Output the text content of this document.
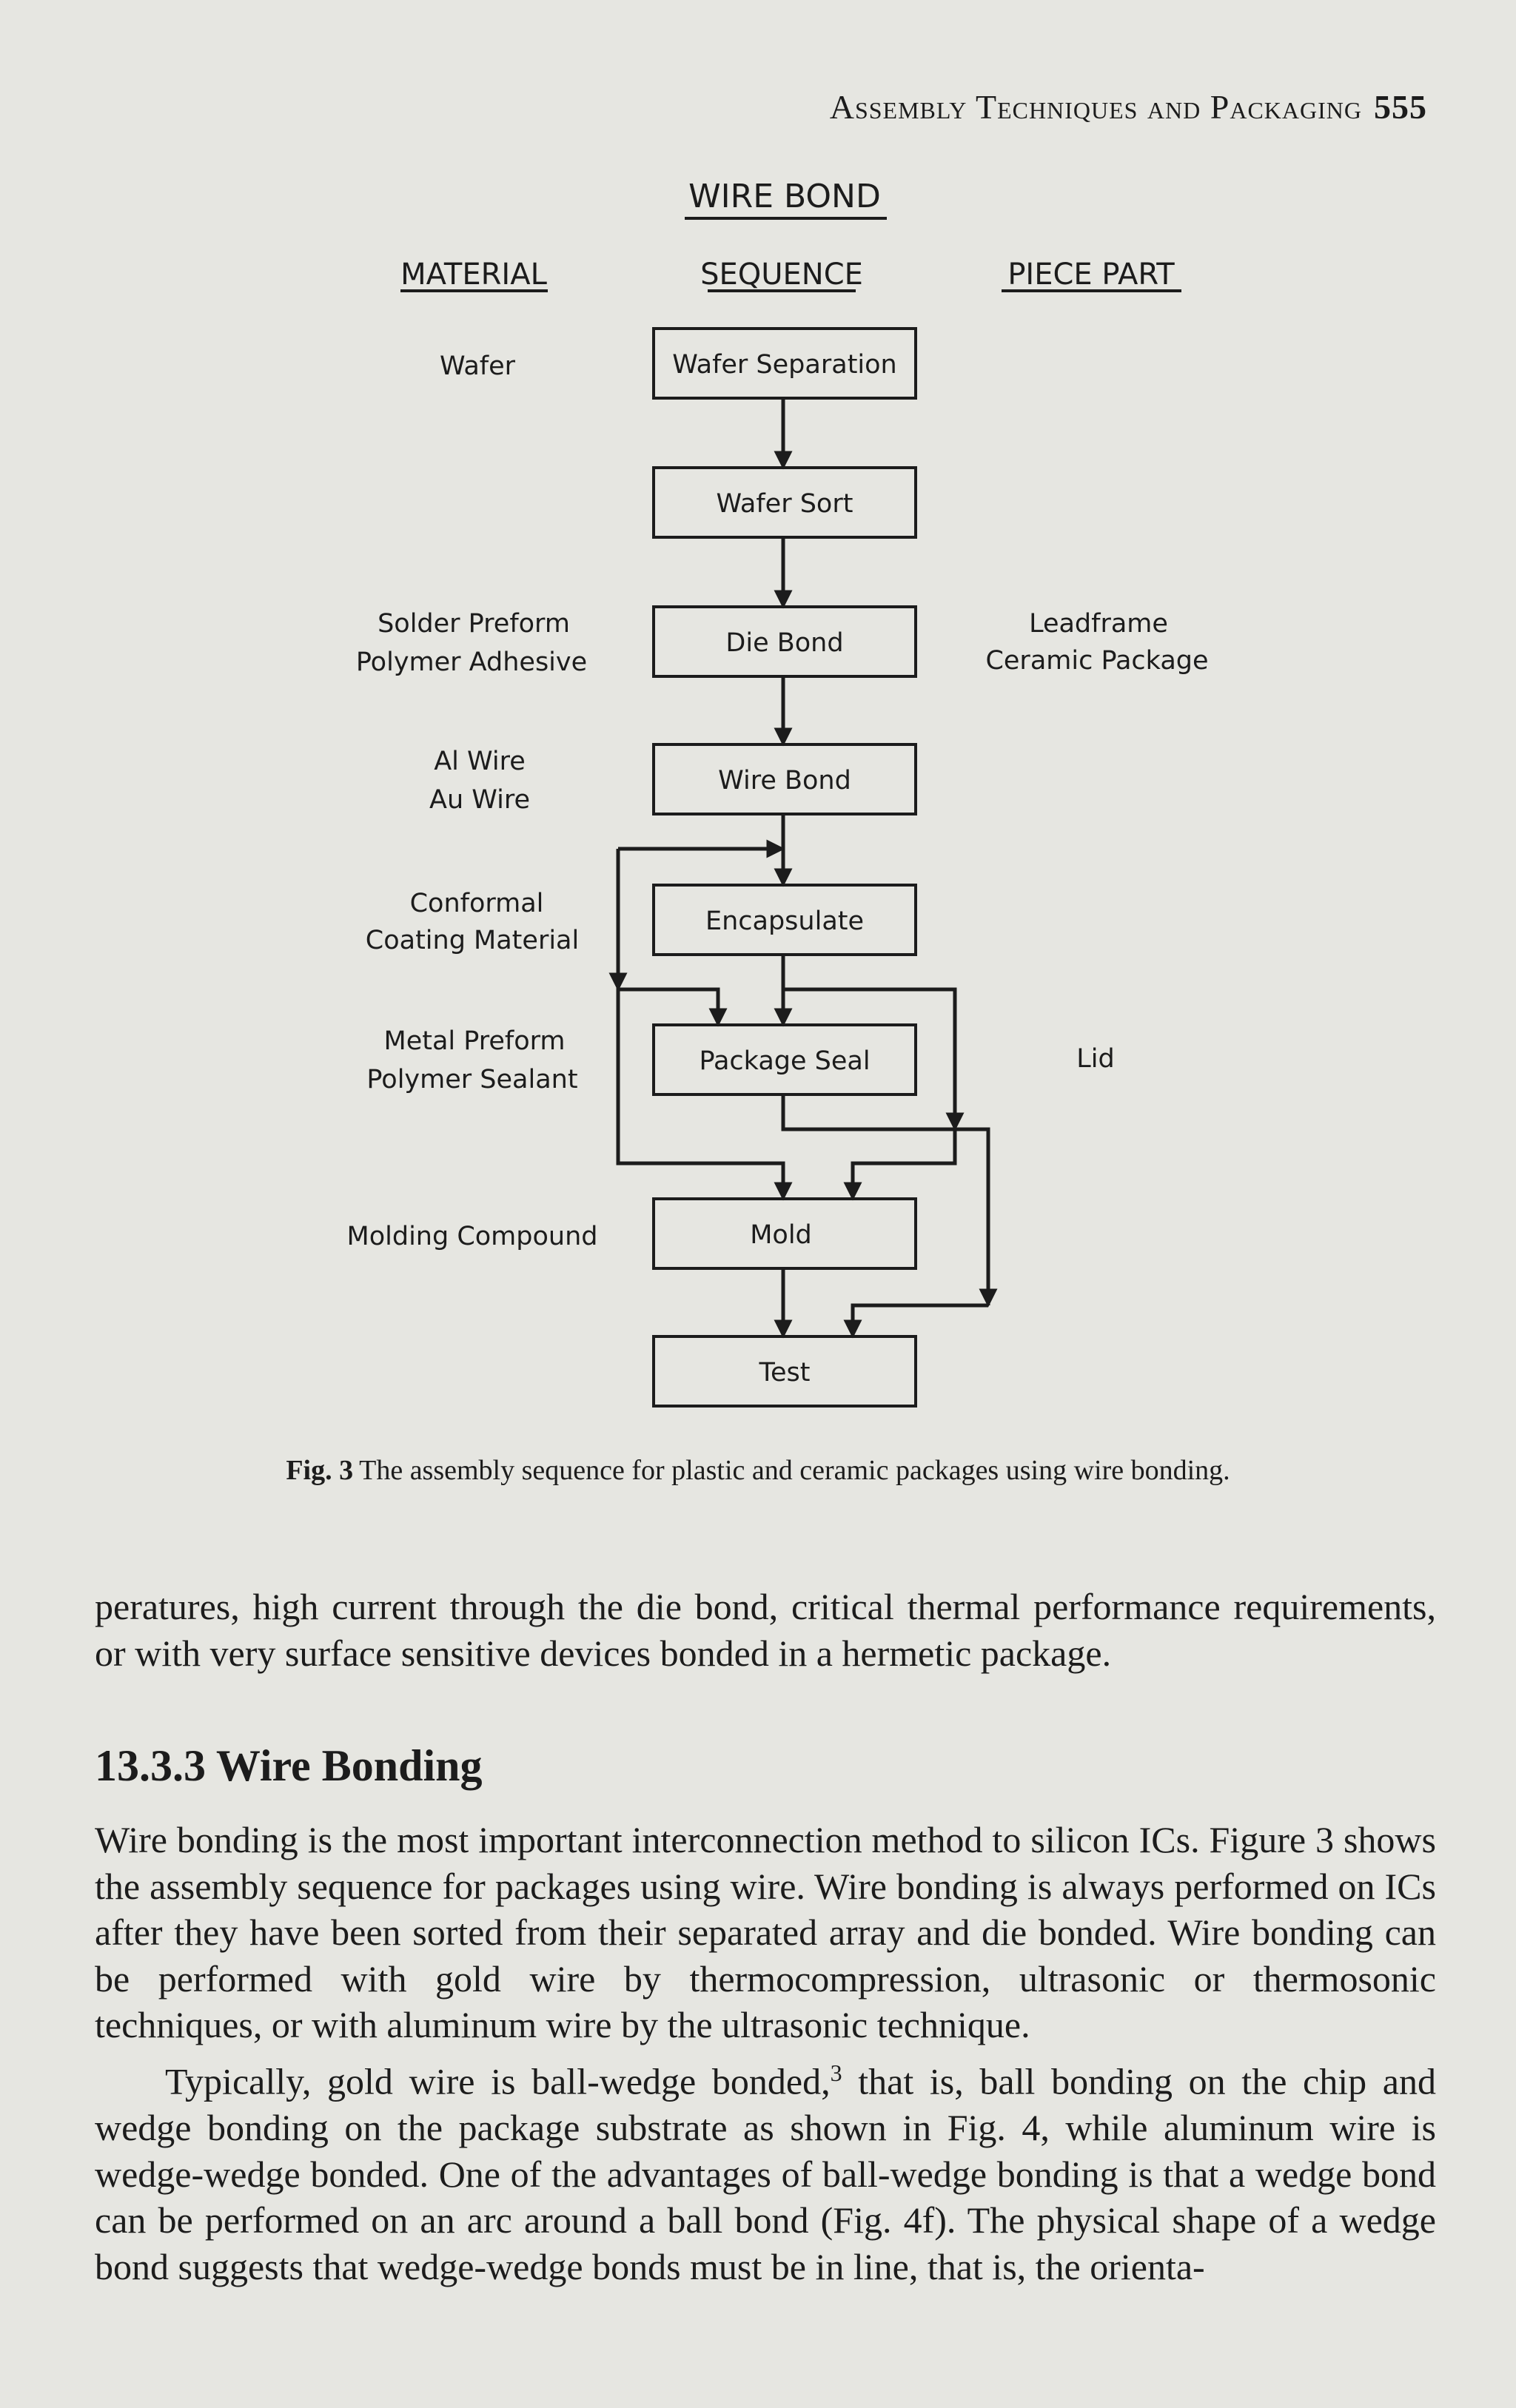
Assembly Techniques and Packaging 555
WIRE BOND
MATERIAL	SEQUENCE	PIECE PART
Wafer Separation
Wafer Sort
Die Bond
Wire Bond
Encapsulate
Package Seal
Mold
Test
Wafer
Solder Preform
Polymer Adhesive
Al Wire
Au Wire
Conformal
Coating Material
Metal Preform
Polymer Sealant
Molding Compound
Leadframe
Ceramic Package
Lid
Fig. 3 The assembly sequence for plastic and ceramic packages using wire bonding.

peratures, high current through the die bond, critical thermal performance requirements, or with very surface sensitive devices bonded in a hermetic package.

13.3.3 Wire Bonding

Wire bonding is the most important interconnection method to silicon ICs. Figure 3 shows the assembly sequence for packages using wire. Wire bonding is always performed on ICs after they have been sorted from their separated array and die bonded. Wire bonding can be performed with gold wire by thermocompression, ultrasonic or thermosonic techniques, or with aluminum wire by the ultrasonic technique.

Typically, gold wire is ball-wedge bonded,$^3$ that is, ball bonding on the chip and wedge bonding on the package substrate as shown in Fig. 4, while aluminum wire is wedge-wedge bonded. One of the advantages of ball-wedge bonding is that a wedge bond can be performed on an arc around a ball bond (Fig. 4f). The physical shape of a wedge bond suggests that wedge-wedge bonds must be in line, that is, the orienta-
